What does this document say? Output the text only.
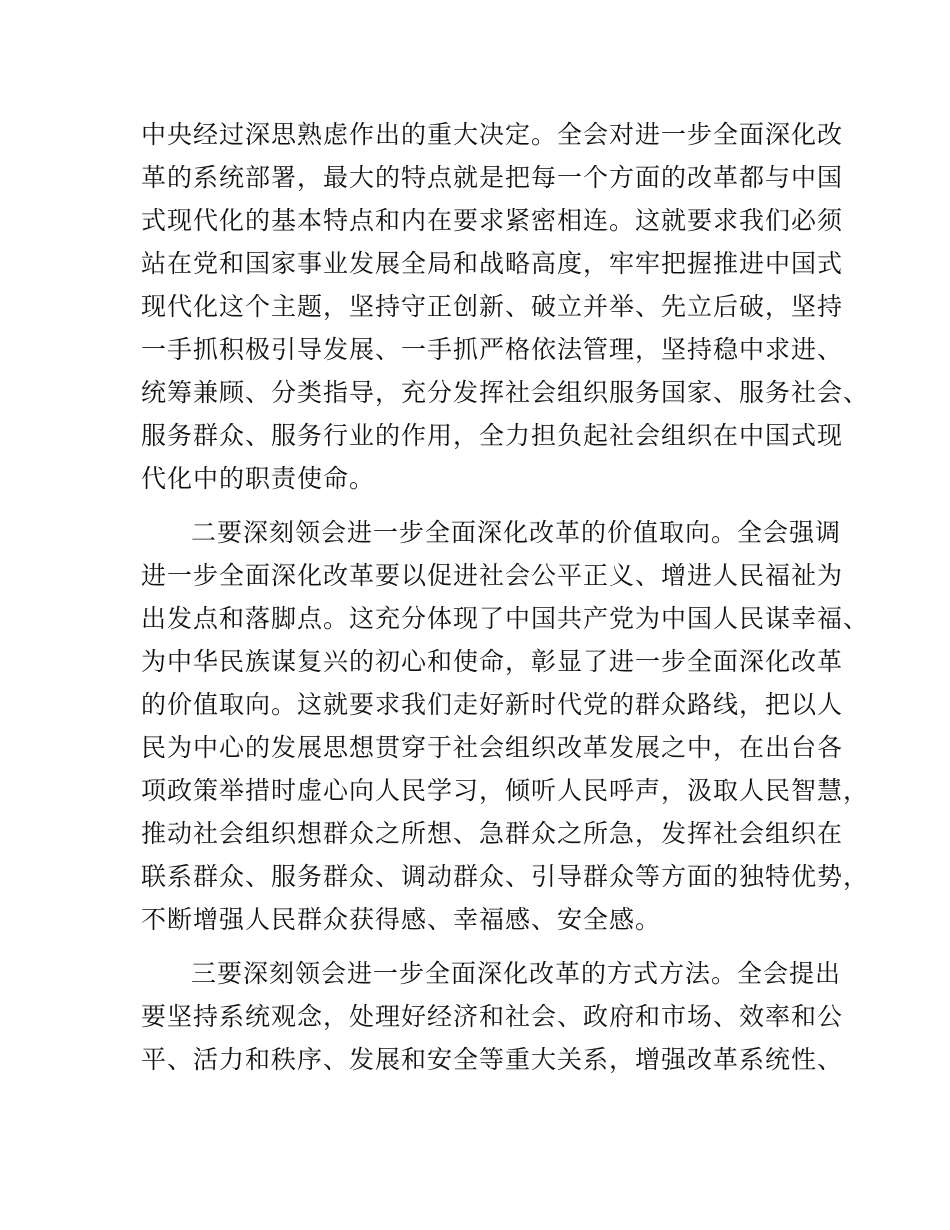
中央经过深思熟虑作出的重大决定。全会对进一步全面深化改
革的系统部署，最大的特点就是把每一个方面的改革都与中国
式现代化的基本特点和内在要求紧密相连。这就要求我们必须
站在党和国家事业发展全局和战略高度，牢牢把握推进中国式
现代化这个主题，坚持守正创新、破立并举、先立后破，坚持
一手抓积极引导发展、一手抓严格依法管理，坚持稳中求进、
统筹兼顾、分类指导，充分发挥社会组织服务国家、服务社会、
服务群众、服务行业的作用，全力担负起社会组织在中国式现
代化中的职责使命。
二要深刻领会进一步全面深化改革的价值取向。全会强调
进一步全面深化改革要以促进社会公平正义、增进人民福祉为
出发点和落脚点。这充分体现了中国共产党为中国人民谋幸福、
为中华民族谋复兴的初心和使命，彰显了进一步全面深化改革
的价值取向。这就要求我们走好新时代党的群众路线，把以人
民为中心的发展思想贯穿于社会组织改革发展之中，在出台各
项政策举措时虚心向人民学习，倾听人民呼声，汲取人民智慧，
推动社会组织想群众之所想、急群众之所急，发挥社会组织在
联系群众、服务群众、调动群众、引导群众等方面的独特优势，
不断增强人民群众获得感、幸福感、安全感。
三要深刻领会进一步全面深化改革的方式方法。全会提出
要坚持系统观念，处理好经济和社会、政府和市场、效率和公
平、活力和秩序、发展和安全等重大关系，增强改革系统性、
